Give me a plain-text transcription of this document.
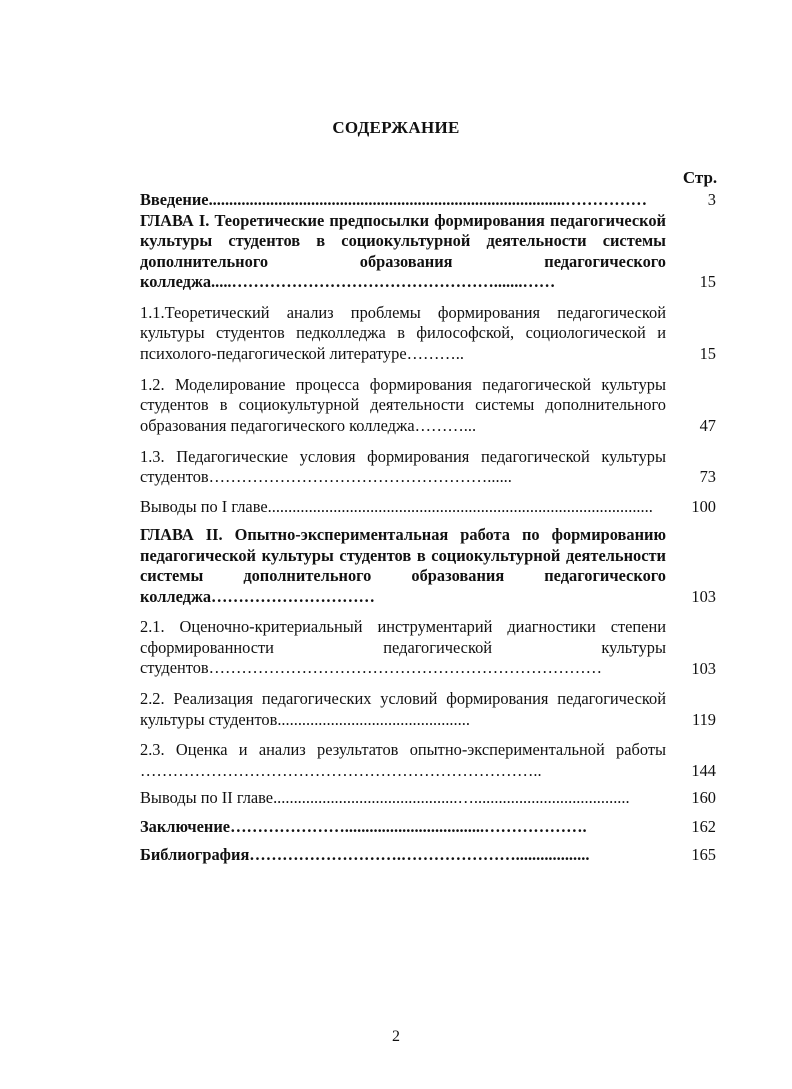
СОДЕРЖАНИЕ
Стр.
Введение.......................................................................................……………	3
ГЛАВА I. Теоретические предпосылки формирования педагогической культуры студентов в социокультурной деятельности системы дополнительного образования педагогического колледжа.....………………………………………….......……	15
1.1.Теоретический анализ проблемы формирования педагогической культуры студентов педколледжа в философской, социологической и психолого-педагогической литературе………..	15
1.2. Моделирование процесса формирования педагогической культуры студентов в социокультурной деятельности системы дополнительного образования педагогического колледжа………...	47
1.3. Педагогические условия формирования педагогической культуры студентов……………………………………………......	73
Выводы по I главе..............................................................................................	100
ГЛАВА II. Опытно-экспериментальная работа по формированию педагогической культуры студентов в социокультурной деятельности системы дополнительного образования педагогического колледжа…………………………	103
2.1. Оценочно-критериальный инструментарий диагностики степени сформированности педагогической культуры студентов………………………………………………………………	103
2.2. Реализация педагогических условий формирования педагогической культуры студентов...............................................	119
2.3. Оценка и анализ результатов опытно-экспериментальной работы ………………………………………………………………..	144
Выводы по II главе.............................................…......................................	160
Заключение…………………..................................……………….	162
Библиография……………………….…………………..................	165
2
